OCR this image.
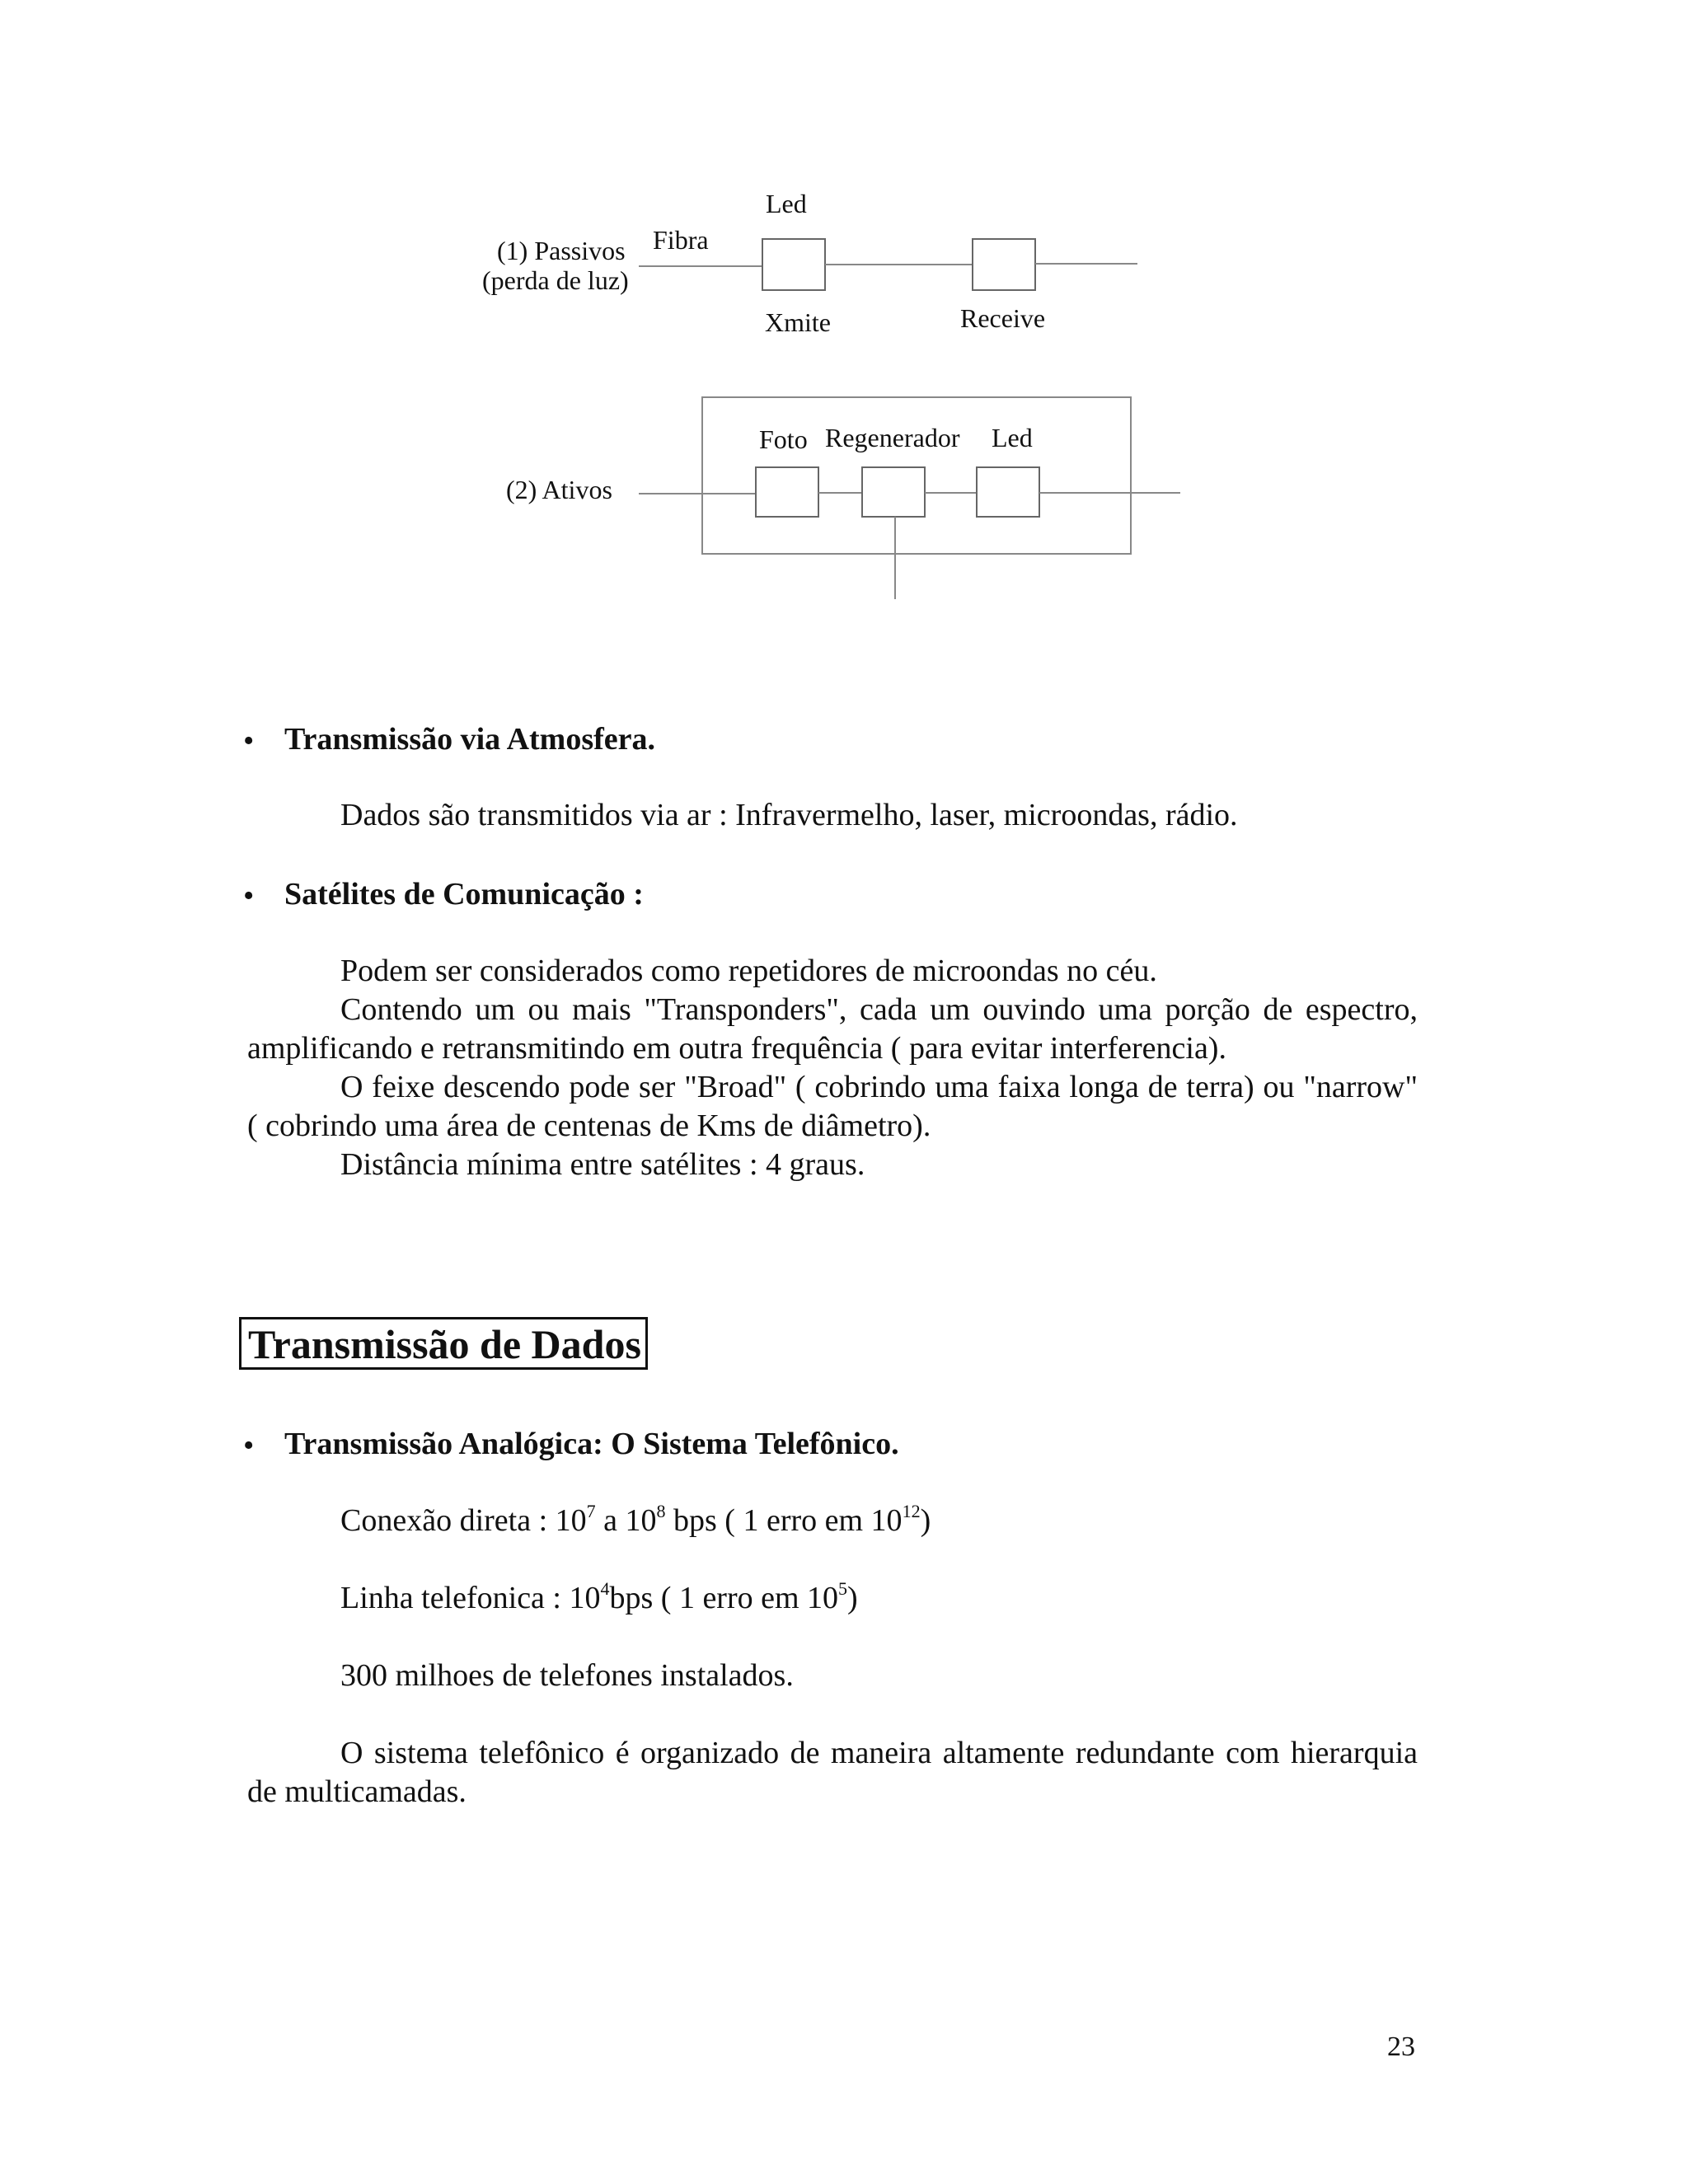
(1) Passivos
(perda de luz)
Fibra
Led
Xmite	Receive
(2) Ativos
Foto Regenerador Led
• Transmissão via Atmosfera.
Dados são transmitidos via ar : Infravermelho, laser, microondas, rádio.
• Satélites de Comunicação :
Podem ser considerados como repetidores de microondas no céu.
Contendo um ou mais "Transponders", cada um ouvindo uma porção de espectro, amplificando e retransmitindo em outra frequência ( para evitar interferencia).
O feixe descendo pode ser "Broad" ( cobrindo uma faixa longa de terra) ou "narrow" ( cobrindo uma área de centenas de Kms de diâmetro).
Distância mínima entre satélites : 4 graus.
Transmissão de Dados
• Transmissão Analógica: O Sistema Telefônico.
Conexão direta : $10^7$ a $10^8$ bps ( 1 erro em $10^{12}$)
Linha telefonica : $10^4bps$ ( 1 erro em $10^5$)
300 milhoes de telefones instalados.
O sistema telefônico é organizado de maneira altamente redundante com hierarquia de multicamadas.
23
